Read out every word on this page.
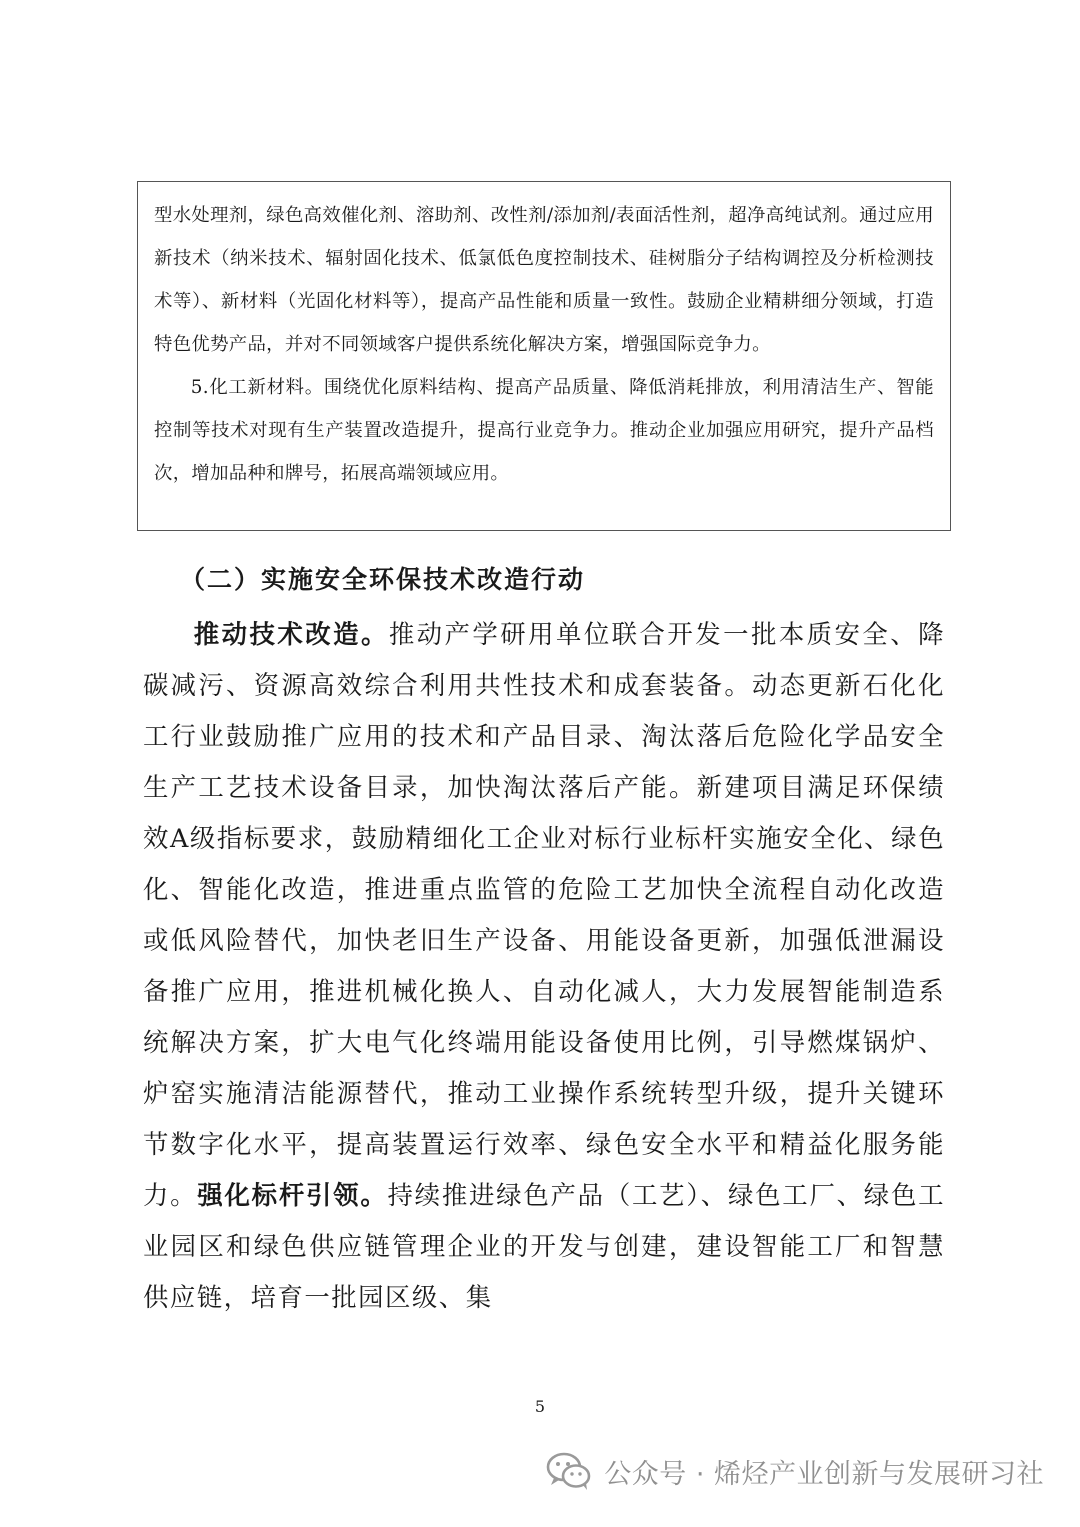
型水处理剂，绿色高效催化剂、溶助剂、改性剂/添加剂/表面活性剂，超净高纯试剂。通过应用新技术（纳米技术、辐射固化技术、低氯低色度控制技术、硅树脂分子结构调控及分析检测技术等）、新材料（光固化材料等），提高产品性能和质量一致性。鼓励企业精耕细分领域，打造特色优势产品，并对不同领域客户提供系统化解决方案，增强国际竞争力。

5.化工新材料。围绕优化原料结构、提高产品质量、降低消耗排放，利用清洁生产、智能控制等技术对现有生产装置改造提升，提高行业竞争力。推动企业加强应用研究，提升产品档次，增加品种和牌号，拓展高端领域应用。

（二）实施安全环保技术改造行动

推动技术改造。推动产学研用单位联合开发一批本质安全、降碳减污、资源高效综合利用共性技术和成套装备。动态更新石化化工行业鼓励推广应用的技术和产品目录、淘汰落后危险化学品安全生产工艺技术设备目录，加快淘汰落后产能。新建项目满足环保绩效A级指标要求，鼓励精细化工企业对标行业标杆实施安全化、绿色化、智能化改造，推进重点监管的危险工艺加快全流程自动化改造或低风险替代，加快老旧生产设备、用能设备更新，加强低泄漏设备推广应用，推进机械化换人、自动化减人，大力发展智能制造系统解决方案，扩大电气化终端用能设备使用比例，引导燃煤锅炉、炉窑实施清洁能源替代，推动工业操作系统转型升级，提升关键环节数字化水平，提高装置运行效率、绿色安全水平和精益化服务能力。强化标杆引领。持续推进绿色产品（工艺）、绿色工厂、绿色工业园区和绿色供应链管理企业的开发与创建，建设智能工厂和智慧供应链，培育一批园区级、集

5
公众号 · 烯烃产业创新与发展研习社
